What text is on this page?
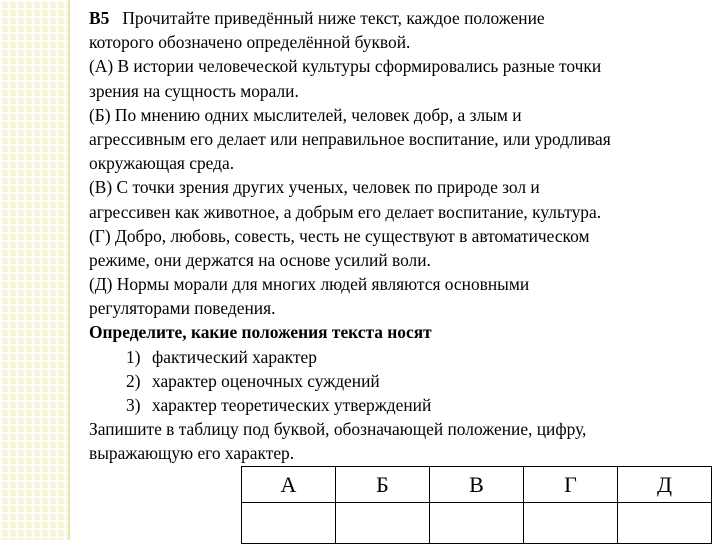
В5 Прочитайте приведённый ниже текст, каждое положение
которого обозначено определённой буквой.
(А) В истории человеческой культуры сформировались разные точки
зрения на сущность морали.
(Б) По мнению одних мыслителей, человек добр, а злым и
агрессивным его делает или неправильное воспитание, или уродливая
окружающая среда.
(В) С точки зрения других ученых, человек по природе зол и
агрессивен как животное, а добрым его делает воспитание, культура.
(Г) Добро, любовь, совесть, честь не существуют в автоматическом
режиме, они держатся на основе усилий воли.
(Д) Нормы морали для многих людей являются основными
регуляторами поведения.
Определите, какие положения текста носят
1) фактический характер
2) характер оценочных суждений
3) характер теоретических утверждений
Запишите в таблицу под буквой, обозначающей положение, цифру,
выражающую его характер.
А	Б	В	Г	Д
